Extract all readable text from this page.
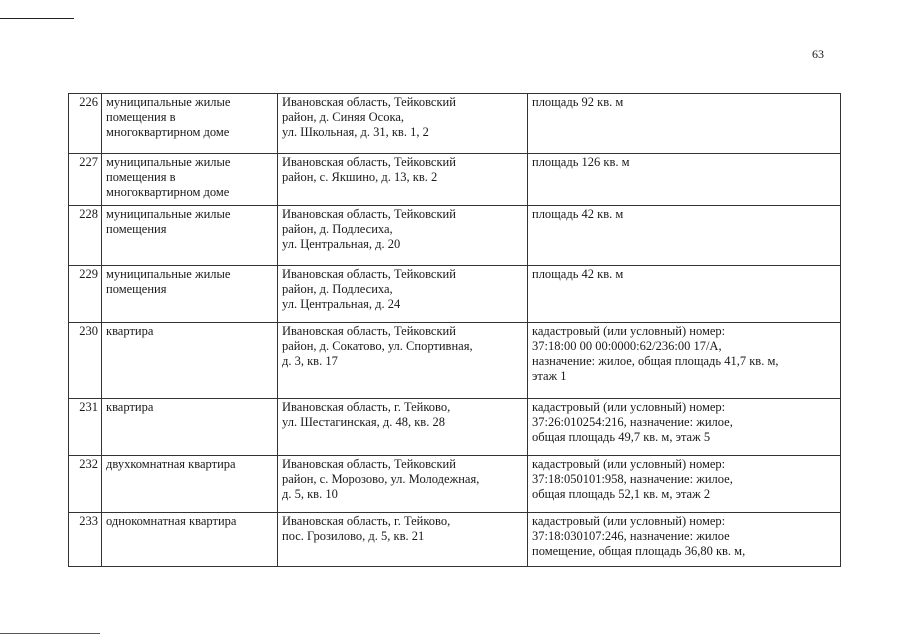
63
226	муниципальные жилые
помещения в
многоквартирном доме	Ивановская область, Тейковский
район, д. Синяя Осока,
ул. Школьная, д. 31, кв. 1, 2	площадь 92 кв. м
227	муниципальные жилые
помещения в
многоквартирном доме	Ивановская область, Тейковский
район, с. Якшино, д. 13, кв. 2	площадь 126 кв. м
228	муниципальные жилые
помещения	Ивановская область, Тейковский
район, д. Подлесиха,
ул. Центральная, д. 20	площадь 42 кв. м
229	муниципальные жилые
помещения	Ивановская область, Тейковский
район, д. Подлесиха,
ул. Центральная, д. 24	площадь 42 кв. м
230	квартира	Ивановская область, Тейковский
район, д. Сокатово, ул. Спортивная,
д. 3, кв. 17	кадастровый (или условный) номер:
37:18:00 00 00:0000:62/236:00 17/А,
назначение: жилое, общая площадь 41,7 кв. м,
этаж 1
231	квартира	Ивановская область, г. Тейково,
ул. Шестагинская, д. 48, кв. 28	кадастровый (или условный) номер:
37:26:010254:216, назначение: жилое,
общая площадь 49,7 кв. м, этаж 5
232	двухкомнатная квартира	Ивановская область, Тейковский
район, с. Морозово, ул. Молодежная,
д. 5, кв. 10	кадастровый (или условный) номер:
37:18:050101:958, назначение: жилое,
общая площадь 52,1 кв. м, этаж 2
233	однокомнатная квартира	Ивановская область, г. Тейково,
пос. Грозилово, д. 5, кв. 21	кадастровый (или условный) номер:
37:18:030107:246, назначение: жилое
помещение, общая площадь 36,80 кв. м,
